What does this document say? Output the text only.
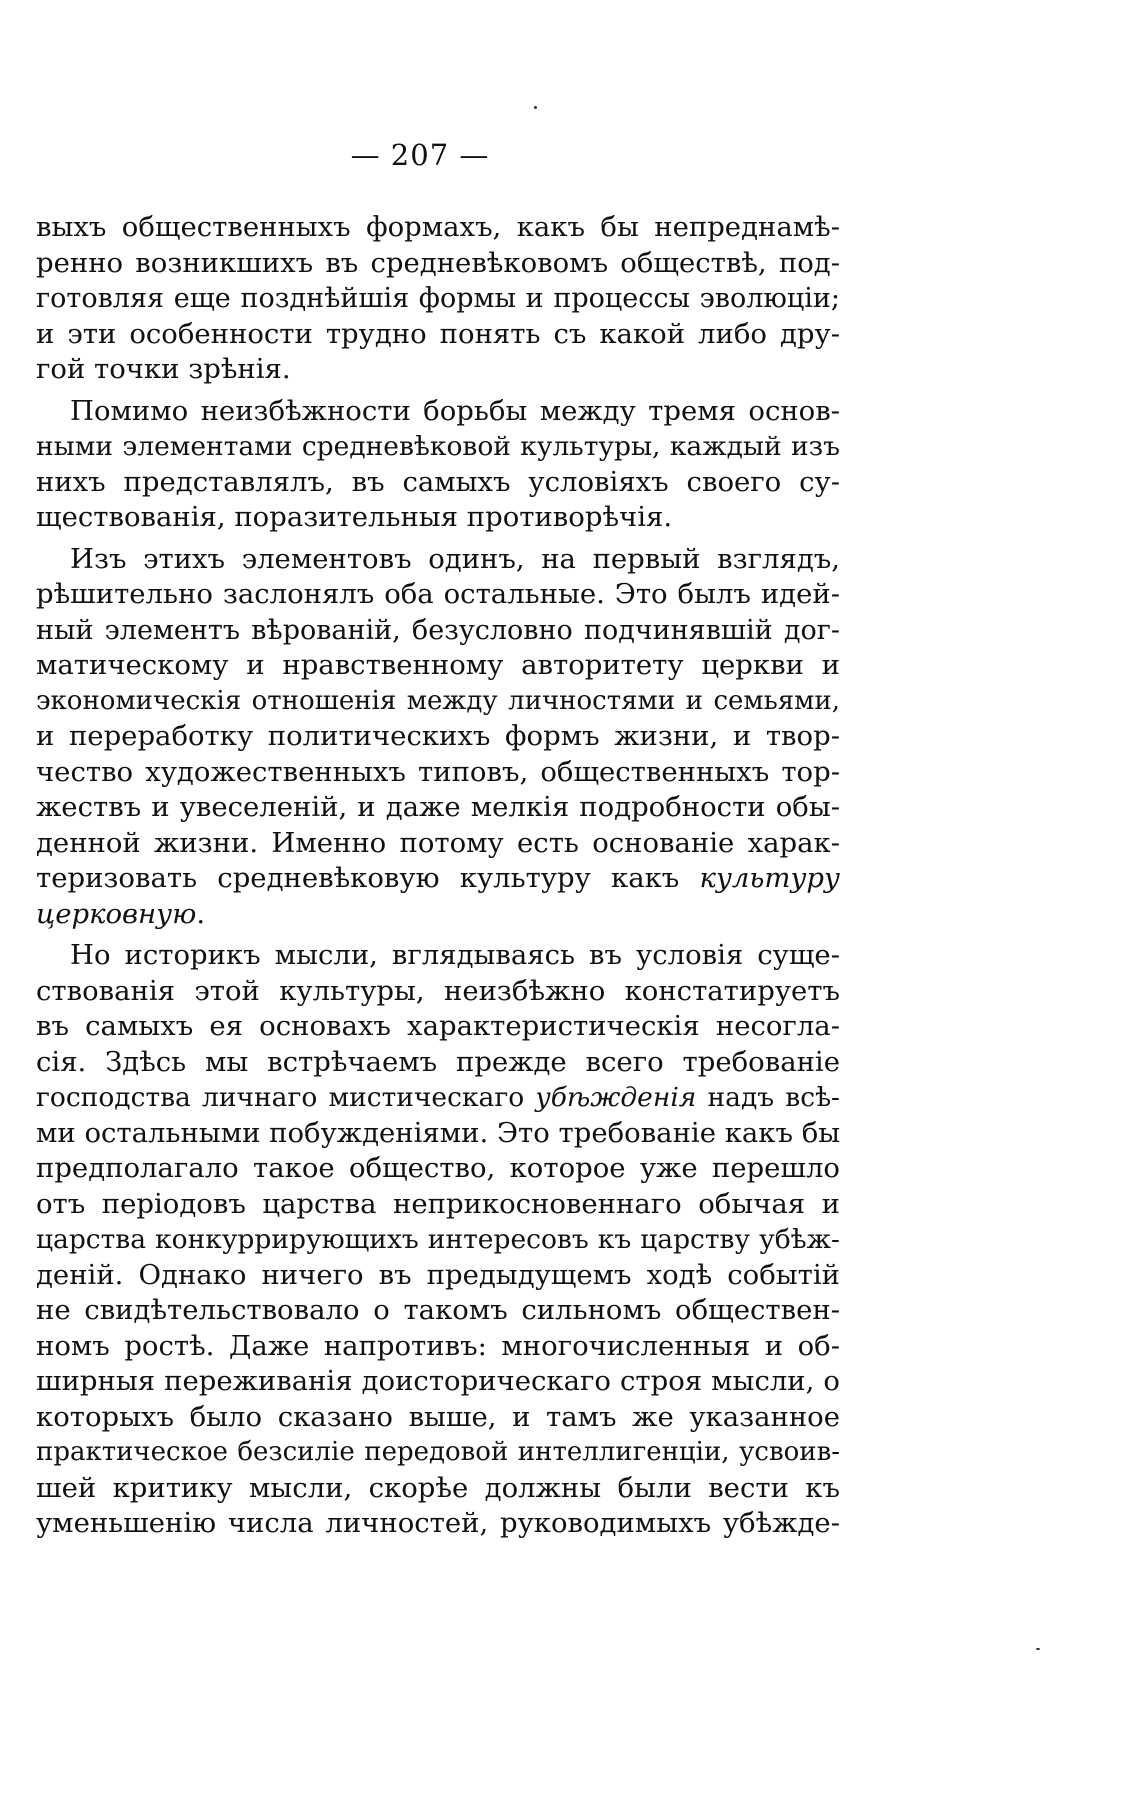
— 207 —
выхъ общественныхъ формахъ, какъ бы непреднамѣ-
ренно возникшихъ въ средневѣковомъ обществѣ, под-
готовляя еще позднѣйшія формы и процессы эволюціи;
и эти особенности трудно понять съ какой либо дру-
гой точки зрѣнія.
Помимо неизбѣжности борьбы между тремя основ-
ными элементами средневѣковой культуры, каждый изъ
нихъ представлялъ, въ самыхъ условіяхъ своего су-
ществованія, поразительныя противорѣчія.
Изъ этихъ элементовъ одинъ, на первый взглядъ,
рѣшительно заслонялъ оба остальные. Это былъ идей-
ный элементъ вѣрованій, безусловно подчинявшій дог-
матическому и нравственному авторитету церкви и
экономическія отношенія между личностями и семьями,
и переработку политическихъ формъ жизни, и твор-
чество художественныхъ типовъ, общественныхъ тор-
жествъ и увеселеній, и даже мелкія подробности обы-
денной жизни. Именно потому есть основаніе харак-
теризовать средневѣковую культуру какъ культуру
церковную.
Но историкъ мысли, вглядываясь въ условія суще-
ствованія этой культуры, неизбѣжно констатируетъ
въ самыхъ ея основахъ характеристическія несогла-
сія. Здѣсь мы встрѣчаемъ прежде всего требованіе
господства личнаго мистическаго убѣжденія надъ всѣ-
ми остальными побужденіями. Это требованіе какъ бы
предполагало такое общество, которое уже перешло
отъ періодовъ царства неприкосновеннаго обычая и
царства конкуррирующихъ интересовъ къ царству убѣж-
деній. Однако ничего въ предыдущемъ ходѣ событій
не свидѣтельствовало о такомъ сильномъ обществен-
номъ ростѣ. Даже напротивъ: многочисленныя и об-
ширныя переживанія доисторическаго строя мысли, о
которыхъ было сказано выше, и тамъ же указанное
практическое безсиліе передовой интеллигенціи, усвоив-
шей критику мысли, скорѣе должны были вести къ
уменьшенію числа личностей, руководимыхъ убѣжде-
